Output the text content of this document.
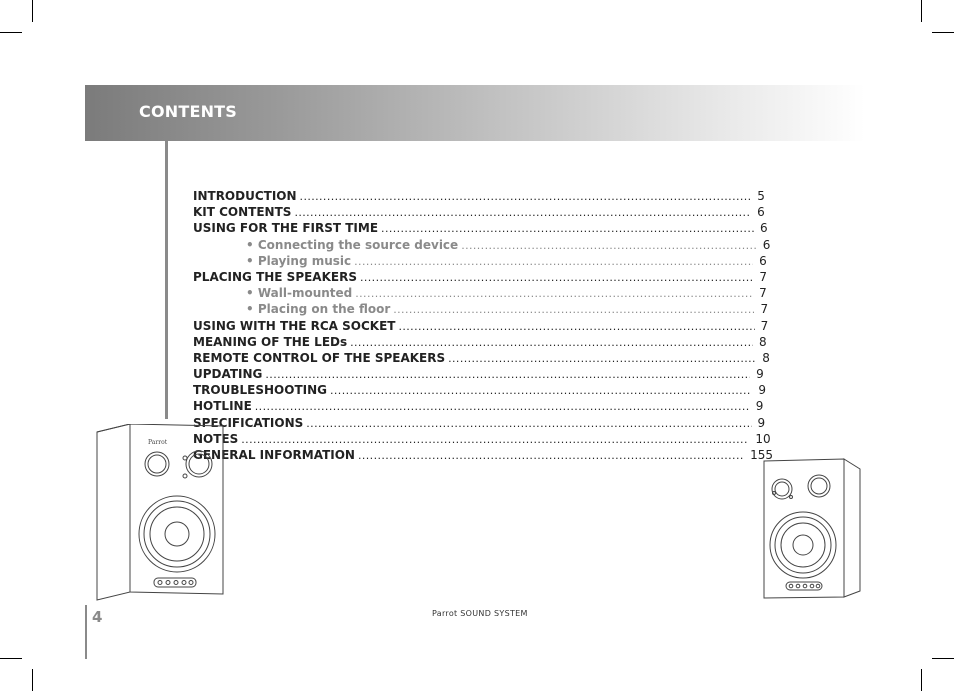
CONTENTS
INTRODUCTION .....	5
KIT CONTENTS .....	6
USING FOR THE FIRST TIME .....	6
• Connecting the source device .....	6
• Playing music .....	6
PLACING THE SPEAKERS .....	7
• Wall-mounted .....	7
• Placing on the floor .....	7
USING WITH THE RCA SOCKET .....	7
MEANING OF THE LEDs .....	8
REMOTE CONTROL OF THE SPEAKERS .....	8
UPDATING .....	9
TROUBLESHOOTING .....	9
HOTLINE .....	9
SPECIFICATIONS .....	9
NOTES .....	10
GENERAL INFORMATION .....	155
Parrot
4	Parrot SOUND SYSTEM
